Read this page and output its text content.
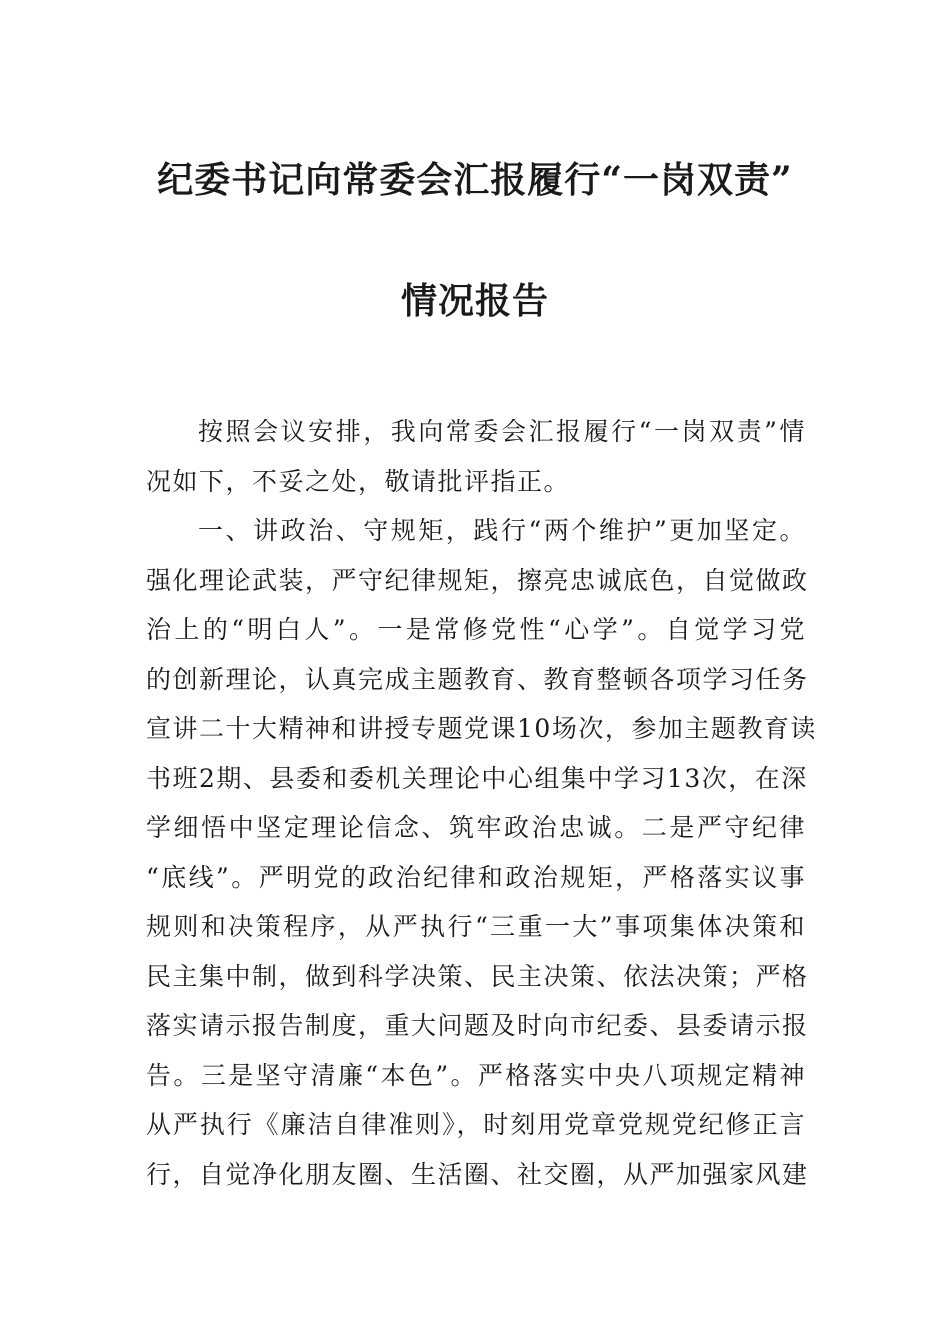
纪委书记向常委会汇报履行“一岗双责”
情况报告
按照会议安排，我向常委会汇报履行“一岗双责”情
况如下，不妥之处，敬请批评指正。
一、讲政治、守规矩，践行“两个维护”更加坚定。
强化理论武装，严守纪律规矩，擦亮忠诚底色，自觉做政
治上的“明白人”。一是常修党性“心学”。自觉学习党
的创新理论，认真完成主题教育、教育整顿各项学习任务
宣讲二十大精神和讲授专题党课10场次，参加主题教育读
书班2期、县委和委机关理论中心组集中学习13次，在深
学细悟中坚定理论信念、筑牢政治忠诚。二是严守纪律
“底线”。严明党的政治纪律和政治规矩，严格落实议事
规则和决策程序，从严执行“三重一大”事项集体决策和
民主集中制，做到科学决策、民主决策、依法决策；严格
落实请示报告制度，重大问题及时向市纪委、县委请示报
告。三是坚守清廉“本色”。严格落实中央八项规定精神
从严执行《廉洁自律准则》，时刻用党章党规党纪修正言
行，自觉净化朋友圈、生活圈、社交圈，从严加强家风建
